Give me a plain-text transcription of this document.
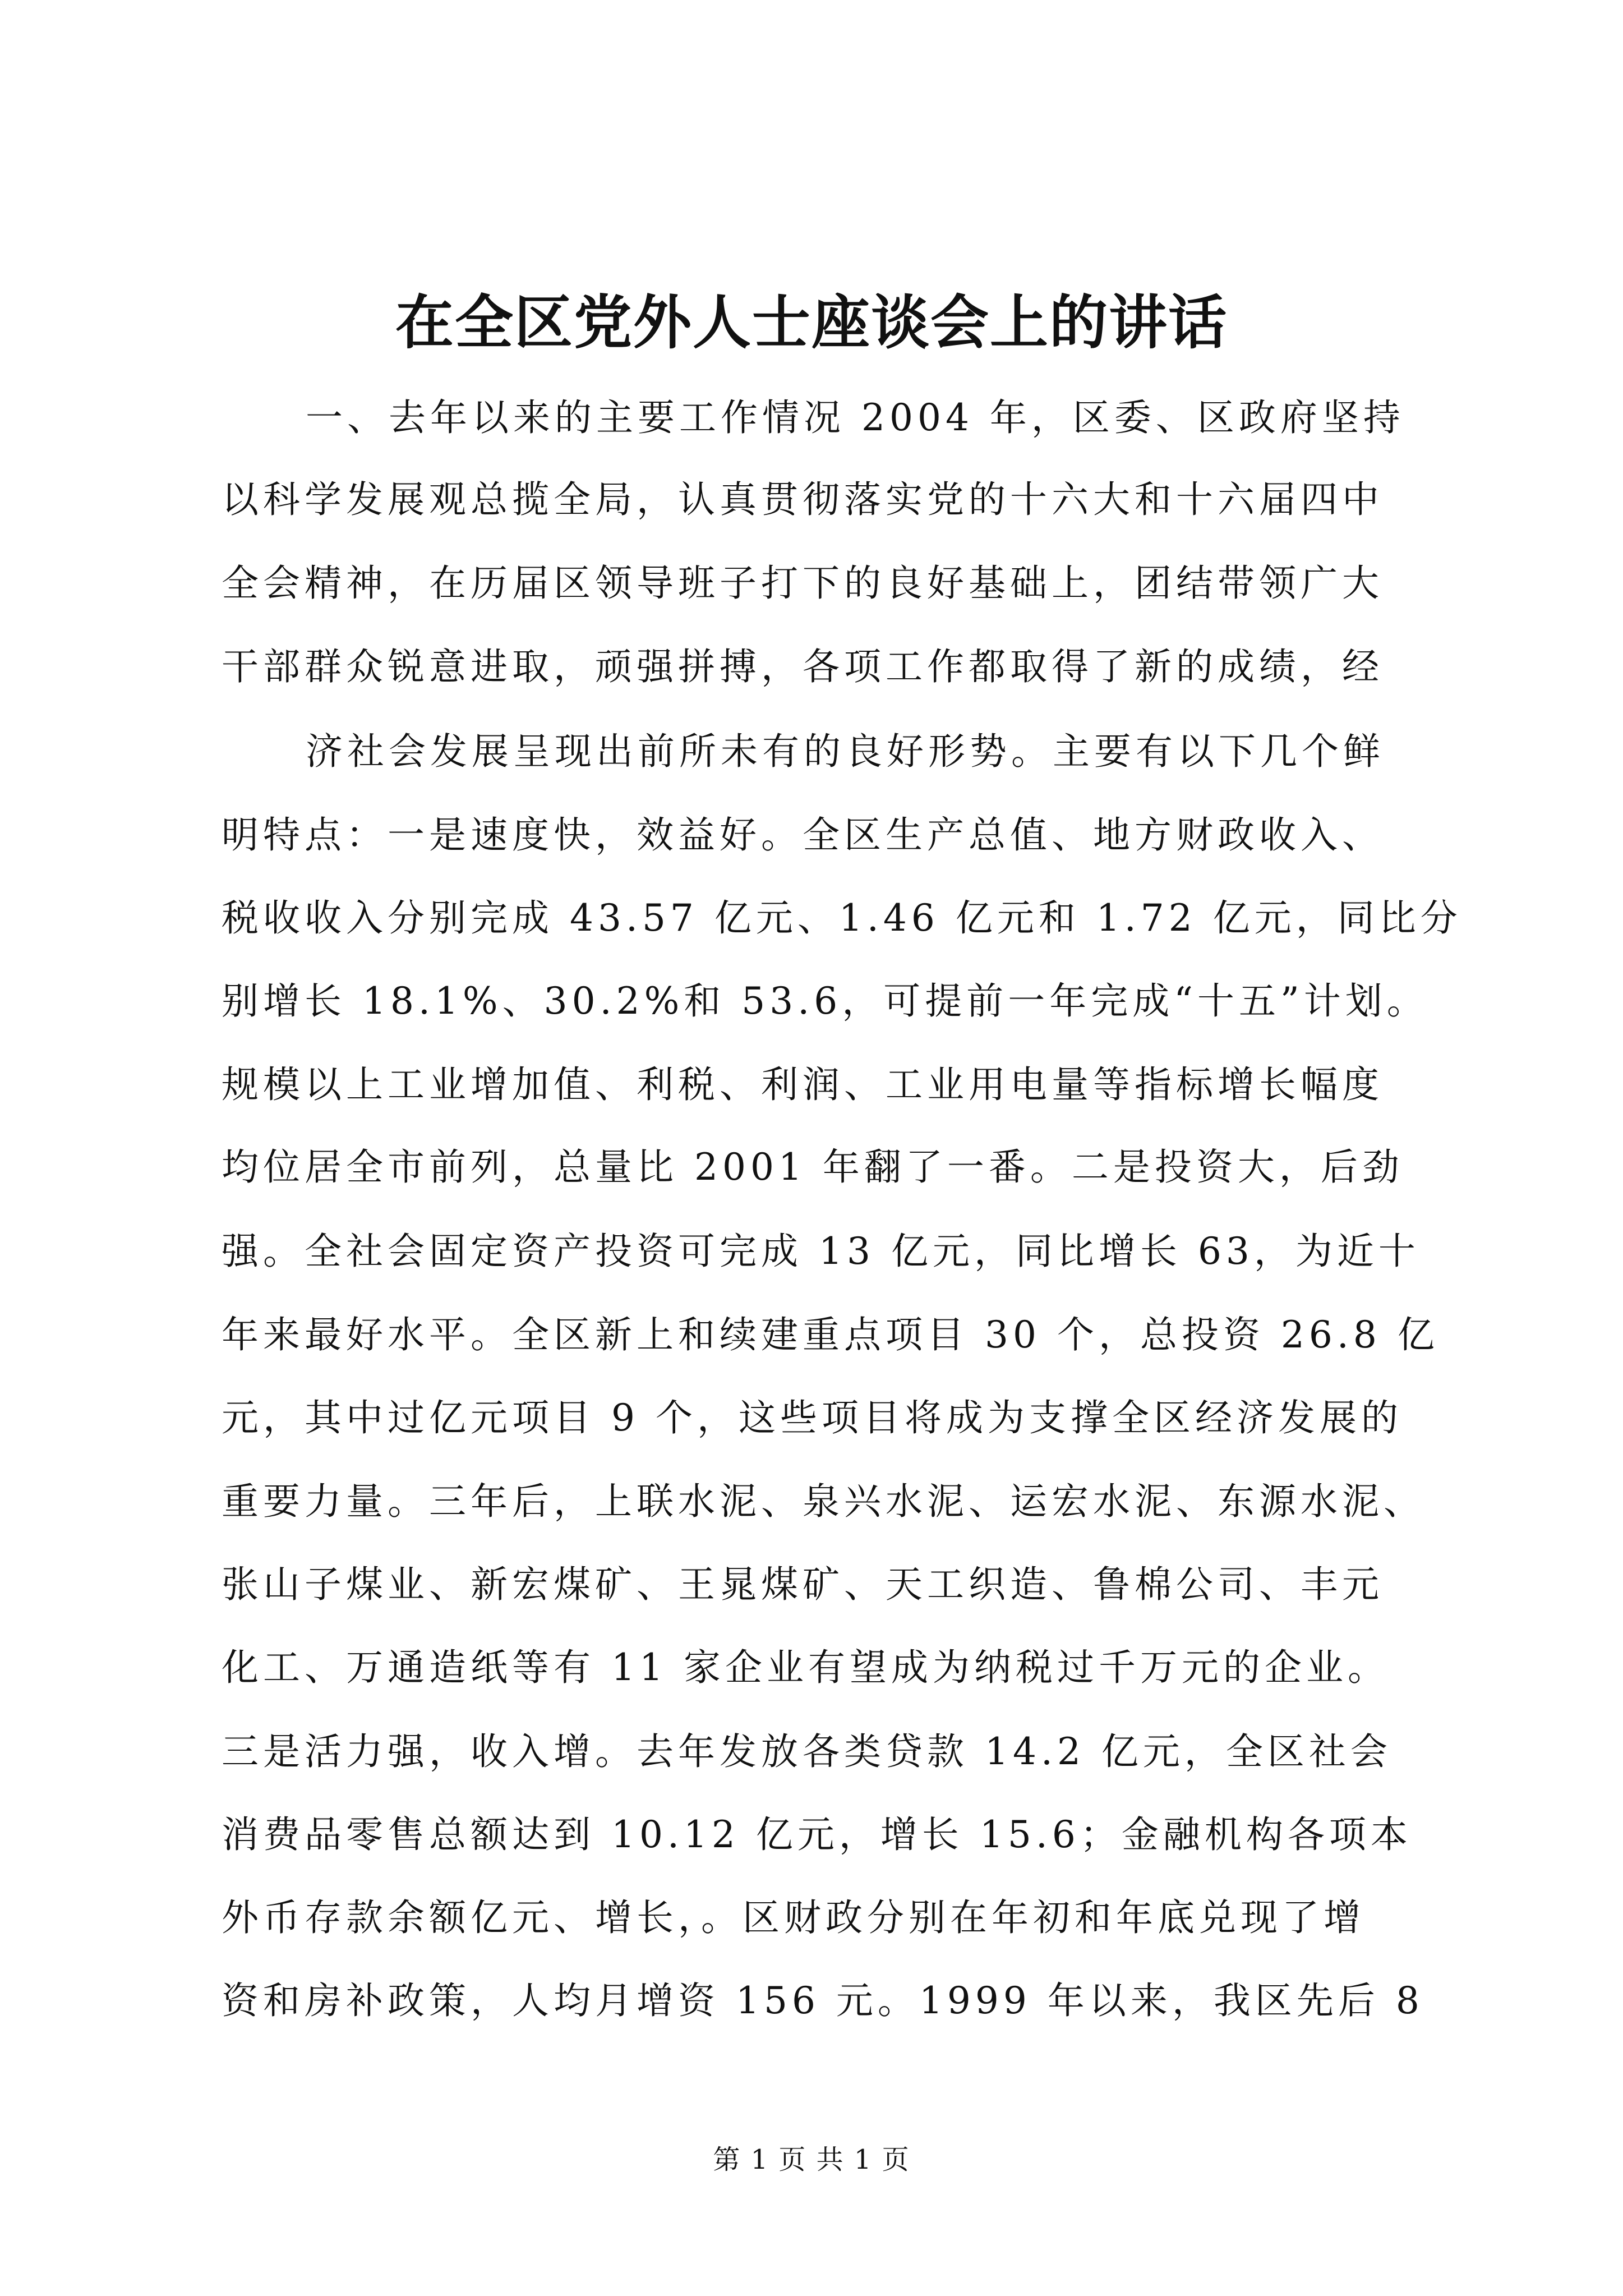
在全区党外人士座谈会上的讲话
一、去年以来的主要工作情况 2004 年，区委、区政府坚持
以科学发展观总揽全局，认真贯彻落实党的十六大和十六届四中
全会精神，在历届区领导班子打下的良好基础上，团结带领广大
干部群众锐意进取，顽强拼搏，各项工作都取得了新的成绩，经
济社会发展呈现出前所未有的良好形势。主要有以下几个鲜
明特点：一是速度快，效益好。全区生产总值、地方财政收入、
税收收入分别完成 43.57 亿元、1.46 亿元和 1.72 亿元，同比分
别增长 18.1%、30.2%和 53.6，可提前一年完成“十五”计划。
规模以上工业增加值、利税、利润、工业用电量等指标增长幅度
均位居全市前列，总量比 2001 年翻了一番。二是投资大，后劲
强。全社会固定资产投资可完成 13 亿元，同比增长 63，为近十
年来最好水平。全区新上和续建重点项目 30 个，总投资 26.8 亿
元，其中过亿元项目 9 个，这些项目将成为支撑全区经济发展的
重要力量。三年后，上联水泥、泉兴水泥、运宏水泥、东源水泥、
张山子煤业、新宏煤矿、王晁煤矿、天工织造、鲁棉公司、丰元
化工、万通造纸等有 11 家企业有望成为纳税过千万元的企业。
三是活力强，收入增。去年发放各类贷款 14.2 亿元，全区社会
消费品零售总额达到 10.12 亿元，增长 15.6；金融机构各项本
外币存款余额亿元、增长，。区财政分别在年初和年底兑现了增
资和房补政策，人均月增资 156 元。1999 年以来，我区先后 8
第 1 页 共 1 页
